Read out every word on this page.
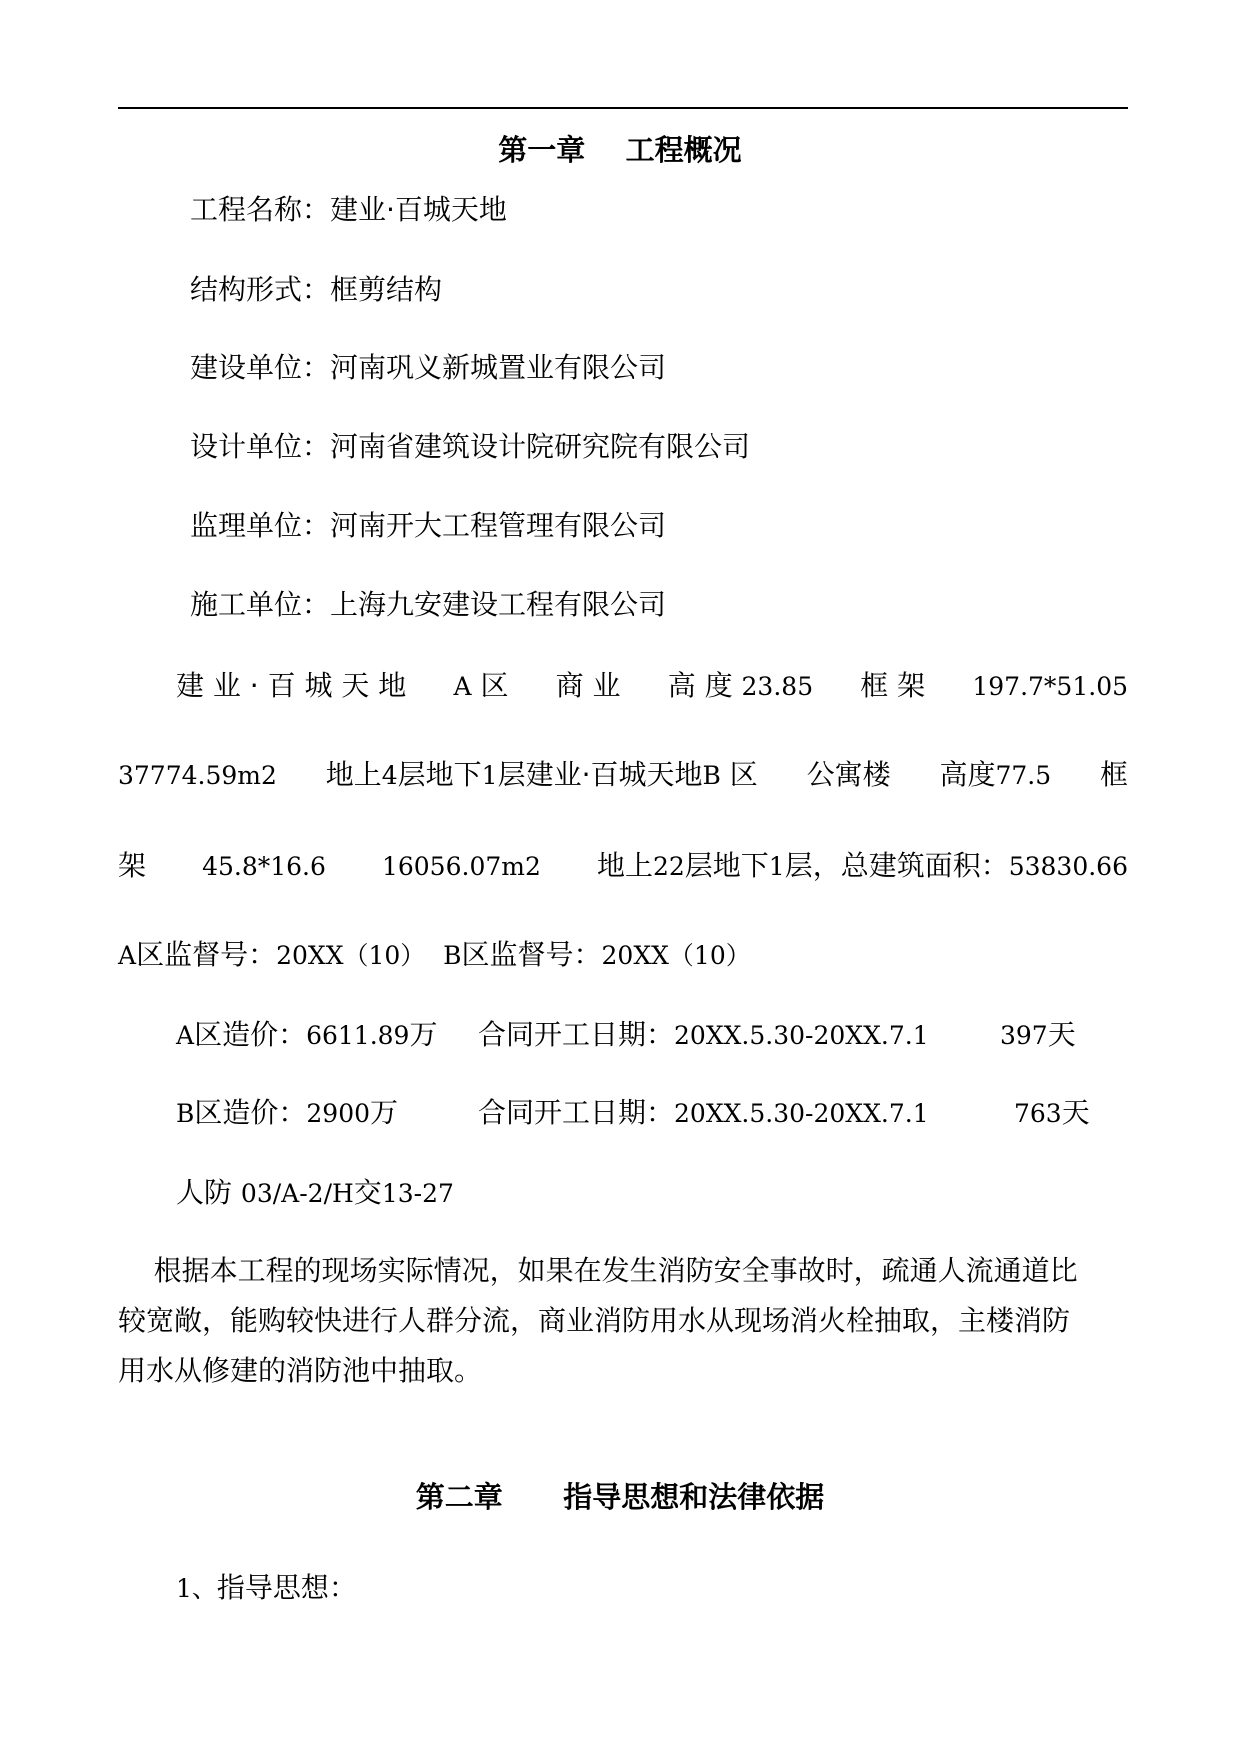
第一章    工程概况
工程名称：建业·百城天地
结构形式：框剪结构
建设单位：河南巩义新城置业有限公司
设计单位：河南省建筑设计院研究院有限公司
监理单位：河南开大工程管理有限公司
施工单位：上海九安建设工程有限公司
建 业 · 百 城 天 地 A 区 商 业 高 度 23.85 框 架 197.7*51.05
37774.59m2 地上4层地下1层建业·百城天地B 区 公寓楼 高度77.5 框
架 45.8*16.6 16056.07m2 地上22层地下1层，总建筑面积：53830.66
A区监督号：20XX（10） B区监督号：20XX（10）
A区造价：6611.89万 合同开工日期：20XX.5.30-20XX.7.1	397天
B区造价：2900万	合同开工日期：20XX.5.30-20XX.7.1	763天
人防 03/A-2/H交13-27
根据本工程的现场实际情况，如果在发生消防安全事故时，疏通人流通道比
较宽敞，能购较快进行人群分流，商业消防用水从现场消火栓抽取，主楼消防
用水从修建的消防池中抽取。
第二章      指导思想和法律依据
1、指导思想：
